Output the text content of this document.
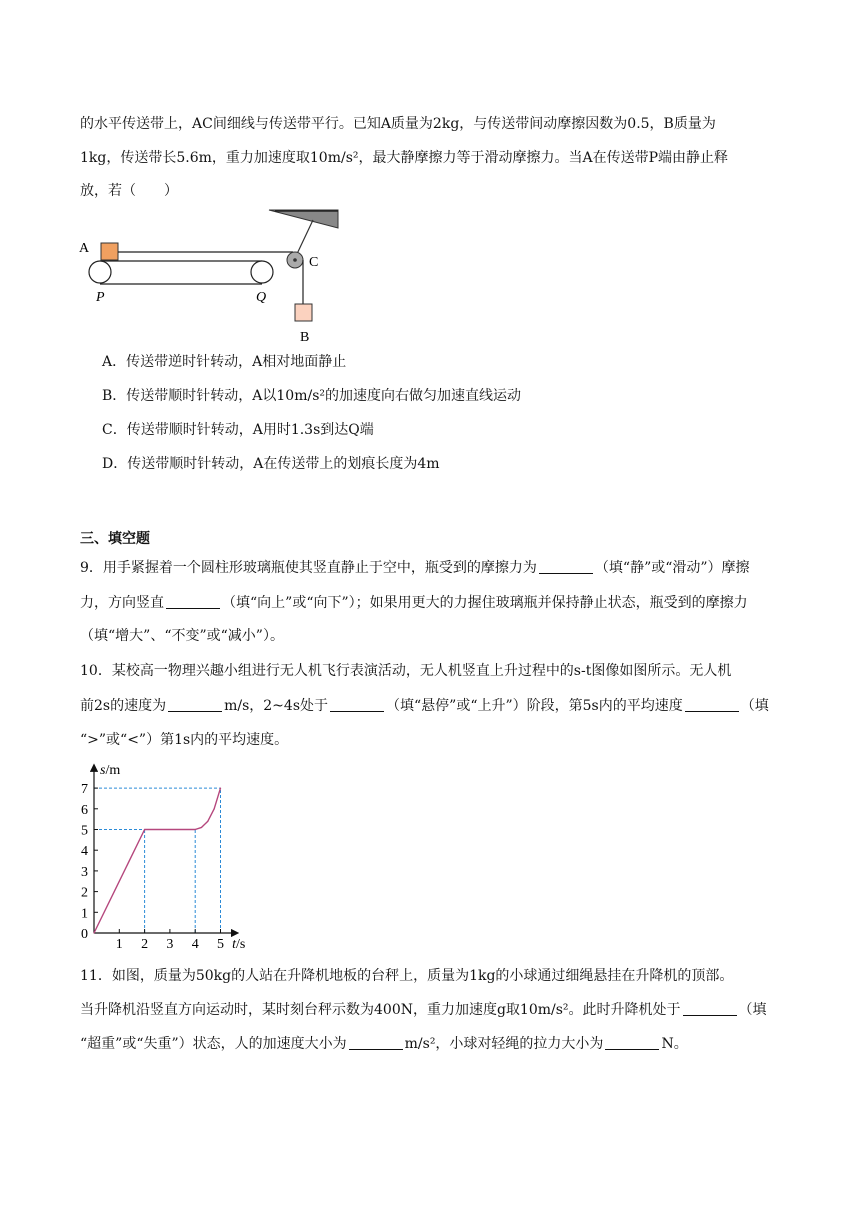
的水平传送带上，AC间细线与传送带平行。已知A质量为2kg，与传送带间动摩擦因数为0.5，B质量为
1kg，传送带长5.6m，重力加速度取10m/s²，最大静摩擦力等于滑动摩擦力。当A在传送带P端由静止释
放，若（　　）
A
C
P	Q
B
A．传送带逆时针转动，A相对地面静止
B．传送带顺时针转动，A以10m/s²的加速度向右做匀加速直线运动
C．传送带顺时针转动，A用时1.3s到达Q端
D．传送带顺时针转动，A在传送带上的划痕长度为4m
三、填空题
9．用手紧握着一个圆柱形玻璃瓶使其竖直静止于空中，瓶受到的摩擦力为	（填“静”或“滑动”）摩擦
力，方向竖直	（填“向上”或“向下”）；如果用更大的力握住玻璃瓶并保持静止状态，瓶受到的摩擦力
（填“增大”、“不变”或“减小”）。
10．某校高一物理兴趣小组进行无人机飞行表演活动，无人机竖直上升过程中的s-t图像如图所示。无人机
前2s的速度为	m/s，2~4s处于	（填“悬停”或“上升”）阶段，第5s内的平均速度	（填
“>”或“<”）第1s内的平均速度。
0
1
2
3
4
5
6
7
1 2 3 4 5
s/m
t/s
11．如图，质量为50kg的人站在升降机地板的台秤上，质量为1kg的小球通过细绳悬挂在升降机的顶部。
当升降机沿竖直方向运动时，某时刻台秤示数为400N，重力加速度g取10m/s²。此时升降机处于	（填
“超重”或“失重”）状态，人的加速度大小为	m/s²，小球对轻绳的拉力大小为	N。
